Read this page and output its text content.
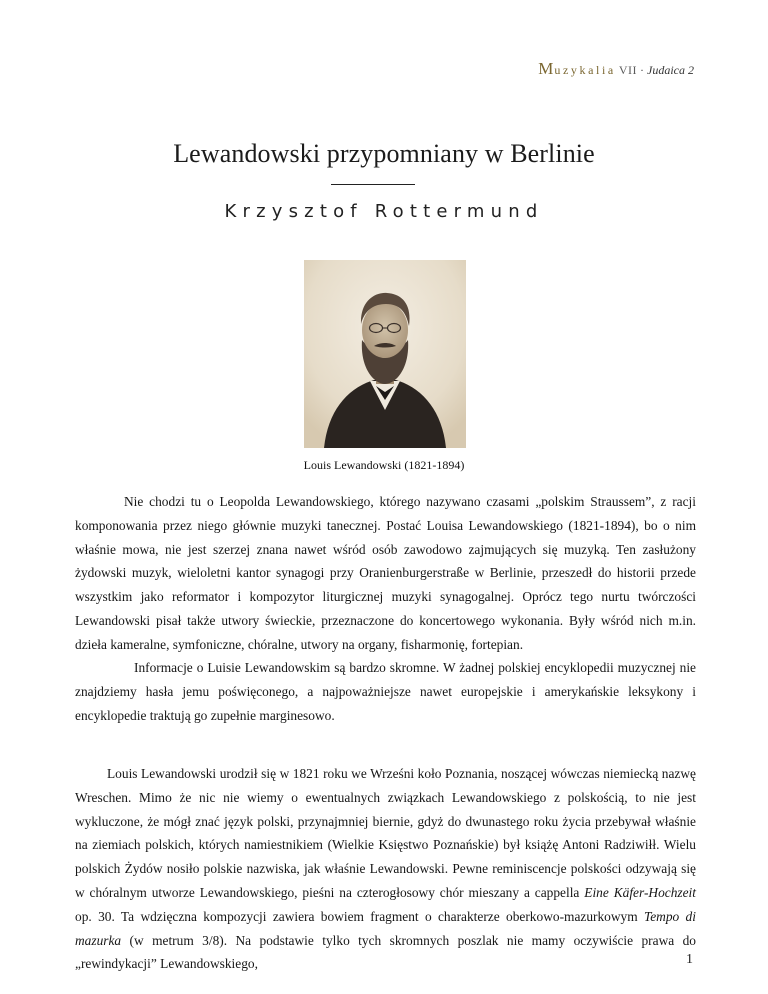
Muzykalia VII · Judaica 2
Lewandowski przypomniany w Berlinie
Krzysztof Rottermund
Louis Lewandowski (1821-1894)

Nie chodzi tu o Leopolda Lewandowskiego, którego nazywano czasami „polskim Straussem”, z racji komponowania przez niego głównie muzyki tanecznej. Postać Louisa Lewandowskiego (1821-1894), bo o nim właśnie mowa, nie jest szerzej znana nawet wśród osób zawodowo zajmujących się muzyką. Ten zasłużony żydowski muzyk, wieloletni kantor synagogi przy Oranienburgerstraße w Berlinie, przeszedł do historii przede wszystkim jako reformator i kompozytor liturgicznej muzyki synagogalnej. Oprócz tego nurtu twórczości Lewandowski pisał także utwory świeckie, przeznaczone do koncertowego wykonania. Były wśród nich m.in. dzieła kameralne, symfoniczne, chóralne, utwory na organy, fisharmonię, fortepian.

Informacje o Luisie Lewandowskim są bardzo skromne. W żadnej polskiej encyklopedii muzycznej nie znajdziemy hasła jemu poświęconego, a najpoważniejsze nawet europejskie i amerykańskie leksykony i encyklopedie traktują go zupełnie marginesowo.

Louis Lewandowski urodził się w 1821 roku we Wrześni koło Poznania, noszącej wówczas niemiecką nazwę Wreschen. Mimo że nic nie wiemy o ewentualnych związkach Lewandowskiego z polskością, to nie jest wykluczone, że mógł znać język polski, przynajmniej biernie, gdyż do dwunastego roku życia przebywał właśnie na ziemiach polskich, których namiestnikiem (Wielkie Księstwo Poznańskie) był książę Antoni Radziwiłł. Wielu polskich Żydów nosiło polskie nazwiska, jak właśnie Lewandowski. Pewne reminiscencje polskości odzywają się w chóralnym utworze Lewandowskiego, pieśni na czterogłosowy chór mieszany a cappella Eine Käfer-Hochzeit op. 30. Ta wdzięczna kompozycji zawiera bowiem fragment o charakterze oberkowo-mazurkowym Tempo di mazurka (w metrum 3/8). Na podstawie tylko tych skromnych poszlak nie mamy oczywiście prawa do „rewindykacji” Lewandowskiego,	1
